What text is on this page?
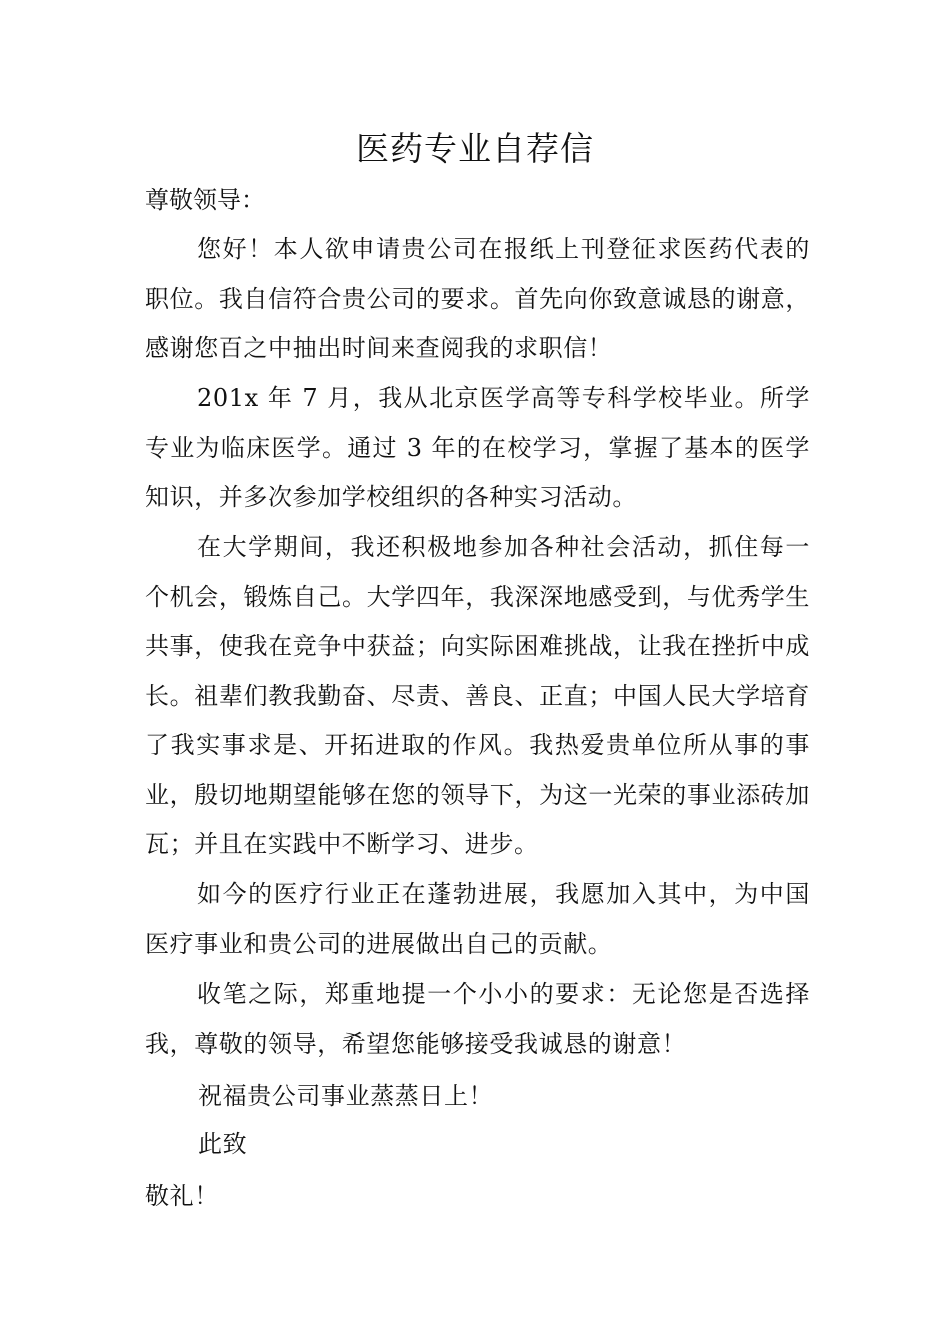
医药专业自荐信
尊敬领导：
您好！本人欲申请贵公司在报纸上刊登征求医药代表的职位。我自信符合贵公司的要求。首先向你致意诚恳的谢意，感谢您百之中抽出时间来查阅我的求职信！
201x 年 7 月，我从北京医学高等专科学校毕业。所学专业为临床医学。通过 3 年的在校学习，掌握了基本的医学知识，并多次参加学校组织的各种实习活动。
在大学期间，我还积极地参加各种社会活动，抓住每一个机会，锻炼自己。大学四年，我深深地感受到，与优秀学生共事，使我在竞争中获益；向实际困难挑战，让我在挫折中成长。祖辈们教我勤奋、尽责、善良、正直；中国人民大学培育了我实事求是、开拓进取的作风。我热爱贵单位所从事的事业，殷切地期望能够在您的领导下，为这一光荣的事业添砖加瓦；并且在实践中不断学习、进步。
如今的医疗行业正在蓬勃进展，我愿加入其中，为中国医疗事业和贵公司的进展做出自己的贡献。
收笔之际，郑重地提一个小小的要求：无论您是否选择我，尊敬的领导，希望您能够接受我诚恳的谢意！
祝福贵公司事业蒸蒸日上！
此致
敬礼！
